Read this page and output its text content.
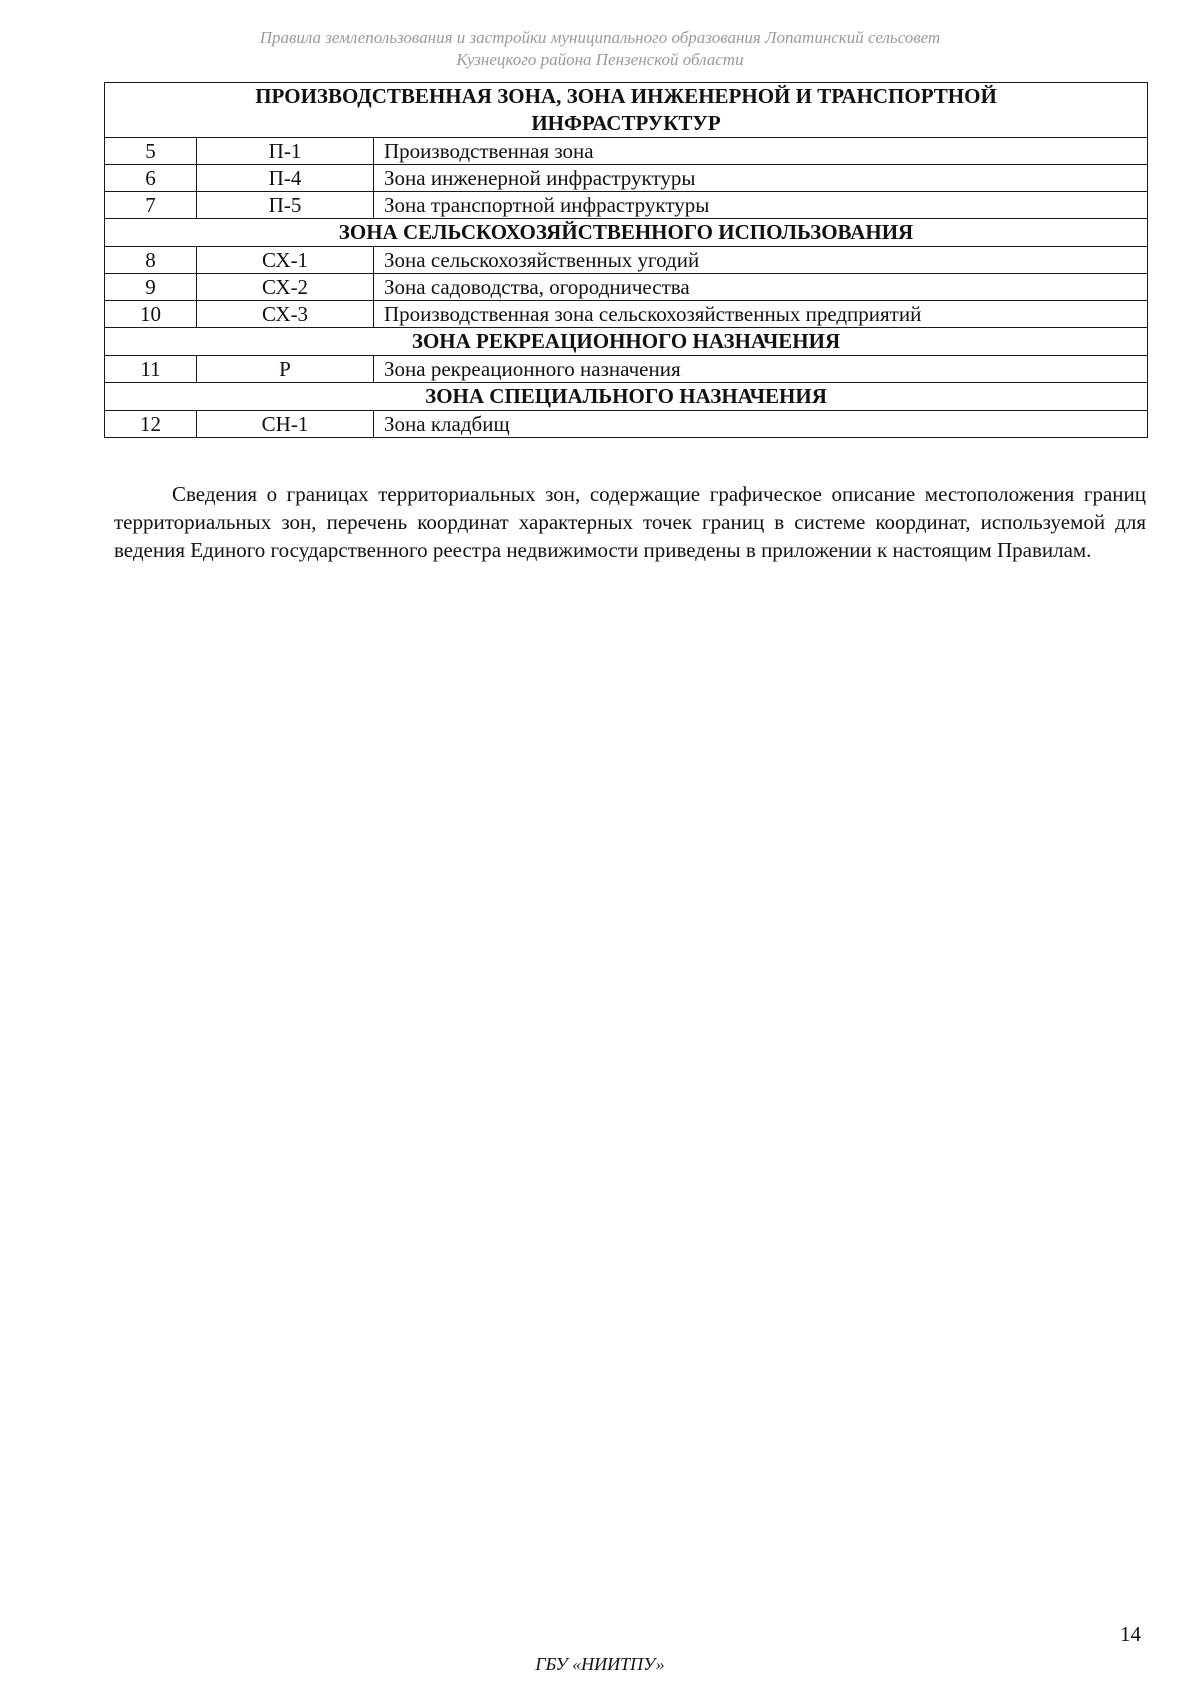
Правила землепользования и застройки муниципального образования Лопатинский сельсовет
Кузнецкого района Пензенской области
ПРОИЗВОДСТВЕННАЯ ЗОНА, ЗОНА ИНЖЕНЕРНОЙ И ТРАНСПОРТНОЙ ИНФРАСТРУКТУР		
5	П-1	Производственная зона
6	П-4	Зона инженерной инфраструктуры
7	П-5	Зона транспортной инфраструктуры
ЗОНА СЕЛЬСКОХОЗЯЙСТВЕННОГО ИСПОЛЬЗОВАНИЯ		
8	СХ-1	Зона сельскохозяйственных угодий
9	СХ-2	Зона садоводства, огородничества
10	СХ-3	Производственная зона сельскохозяйственных предприятий
ЗОНА РЕКРЕАЦИОННОГО НАЗНАЧЕНИЯ		
11	Р	Зона рекреационного назначения
ЗОНА СПЕЦИАЛЬНОГО НАЗНАЧЕНИЯ		
12	СН-1	Зона кладбищ

Сведения о границах территориальных зон, содержащие графическое описание местоположения границ территориальных зон, перечень координат характерных точек границ в системе координат, используемой для ведения Единого государственного реестра недвижимости приведены в приложении к настоящим Правилам.

14
ГБУ «НИИТПУ»
